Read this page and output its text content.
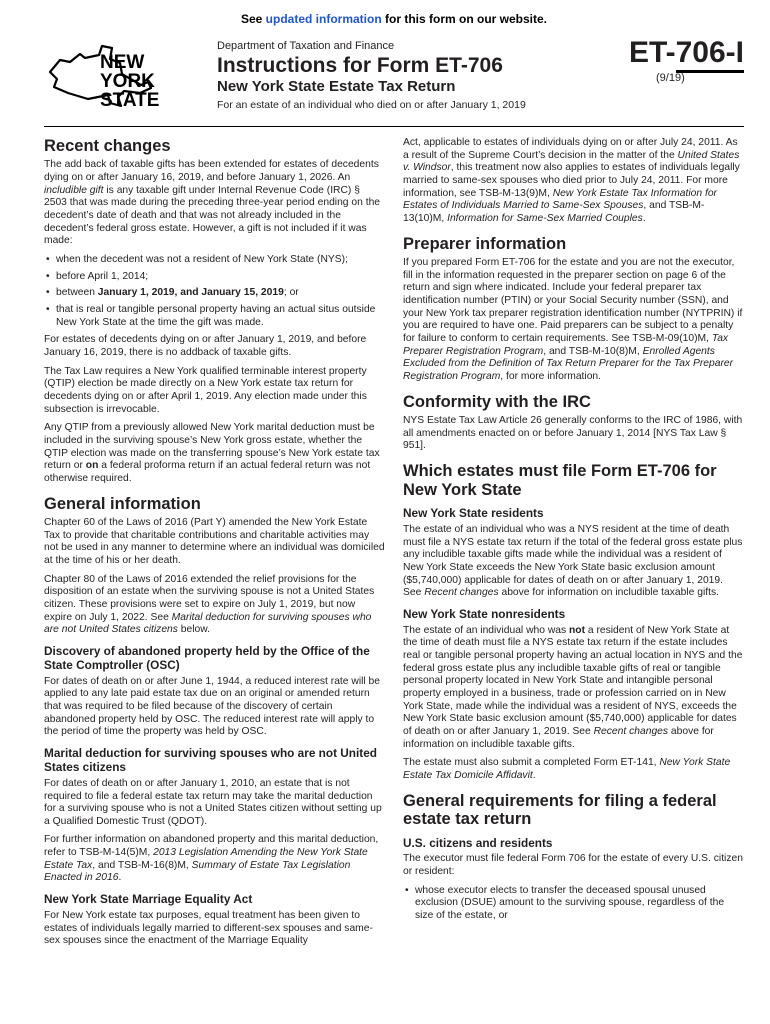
See updated information for this form on our website.
NEW
YORK
STATE
Department of Taxation and Finance
Instructions for Form ET-706
New York State Estate Tax Return
For an estate of an individual who died on or after January 1, 2019
ET-706-I
(9/19)
Recent changes

The add back of taxable gifts has been extended for estates of decedents dying on or after January 16, 2019, and before January 1, 2026. An includible gift is any taxable gift under Internal Revenue Code (IRC) § 2503 that was made during the preceding three-year period ending on the decedent’s date of death and that was not already included in the decedent’s federal gross estate. However, a gift is not included if it was made:

• when the decedent was not a resident of New York State (NYS);
• before April 1, 2014;
• between January 1, 2019, and January 15, 2019; or
• that is real or tangible personal property having an actual situs outside New York State at the time the gift was made.

For estates of decedents dying on or after January 1, 2019, and before January 16, 2019, there is no addback of taxable gifts.

The Tax Law requires a New York qualified terminable interest property (QTIP) election be made directly on a New York estate tax return for decedents dying on or after April 1, 2019. Any election made under this subsection is irrevocable.

Any QTIP from a previously allowed New York marital deduction must be included in the surviving spouse’s New York gross estate, whether the QTIP election was made on the transferring spouse’s New York estate tax return or on a federal proforma return if an actual federal return was not otherwise required.

General information

Chapter 60 of the Laws of 2016 (Part Y) amended the New York Estate Tax to provide that charitable contributions and charitable activities may not be used in any manner to determine where an individual was domiciled at the time of his or her death.

Chapter 80 of the Laws of 2016 extended the relief provisions for the disposition of an estate when the surviving spouse is not a United States citizen. These provisions were set to expire on July 1, 2019, but now expire on July 1, 2022. See Marital deduction for surviving spouses who are not United States citizens below.

Discovery of abandoned property held by the Office of the State Comptroller (OSC)

For dates of death on or after June 1, 1944, a reduced interest rate will be applied to any late paid estate tax due on an original or amended return that was required to be filed because of the discovery of certain abandoned property held by OSC. The reduced interest rate will apply to the period of time the property was held by OSC.

Marital deduction for surviving spouses who are not United States citizens

For dates of death on or after January 1, 2010, an estate that is not required to file a federal estate tax return may take the marital deduction for a surviving spouse who is not a United States citizen without setting up a Qualified Domestic Trust (QDOT).

For further information on abandoned property and this marital deduction, refer to TSB-M-14(5)M, 2013 Legislation Amending the New York State Estate Tax, and TSB-M-16(8)M, Summary of Estate Tax Legislation Enacted in 2016.

New York State Marriage Equality Act

For New York estate tax purposes, equal treatment has been given to estates of individuals legally married to different-sex spouses and same-sex spouses since the enactment of the Marriage Equality

Act, applicable to estates of individuals dying on or after July 24, 2011. As a result of the Supreme Court’s decision in the matter of the United States v. Windsor, this treatment now also applies to estates of individuals legally married to same-sex spouses who died prior to July 24, 2011. For more information, see TSB-M-13(9)M, New York Estate Tax Information for Estates of Individuals Married to Same-Sex Spouses, and TSB-M-13(10)M, Information for Same-Sex Married Couples.

Preparer information

If you prepared Form ET-706 for the estate and you are not the executor, fill in the information requested in the preparer section on page 6 of the return and sign where indicated. Include your federal preparer tax identification number (PTIN) or your Social Security number (SSN), and your New York tax preparer registration identification number (NYTPRIN) if you are required to have one. Paid preparers can be subject to a penalty for failure to conform to certain requirements. See TSB-M-09(10)M, Tax Preparer Registration Program, and TSB-M-10(8)M, Enrolled Agents Excluded from the Definition of Tax Return Preparer for the Tax Preparer Registration Program, for more information.

Conformity with the IRC

NYS Estate Tax Law Article 26 generally conforms to the IRC of 1986, with all amendments enacted on or before January 1, 2014 [NYS Tax Law § 951].

Which estates must file Form ET-706 for New York State
New York State residents

The estate of an individual who was a NYS resident at the time of death must file a NYS estate tax return if the total of the federal gross estate plus any includible taxable gifts made while the individual was a resident of New York State exceeds the New York State basic exclusion amount ($5,740,000) applicable for dates of death on or after January 1, 2019. See Recent changes above for information on includible taxable gifts.

New York State nonresidents

The estate of an individual who was not a resident of New York State at the time of death must file a NYS estate tax return if the estate includes real or tangible personal property having an actual location in NYS and the federal gross estate plus any includible taxable gifts of real or tangible personal property located in New York State and intangible personal property employed in a business, trade or profession carried on in New York State, made while the individual was a resident of NYS, exceeds the New York State basic exclusion amount ($5,740,000) applicable for dates of death on or after January 1, 2019. See Recent changes above for information on includible taxable gifts.

The estate must also submit a completed Form ET-141, New York State Estate Tax Domicile Affidavit.

General requirements for filing a federal estate tax return
U.S. citizens and residents

The executor must file federal Form 706 for the estate of every U.S. citizen or resident:

• whose executor elects to transfer the deceased spousal unused exclusion (DSUE) amount to the surviving spouse, regardless of the size of the estate, or
